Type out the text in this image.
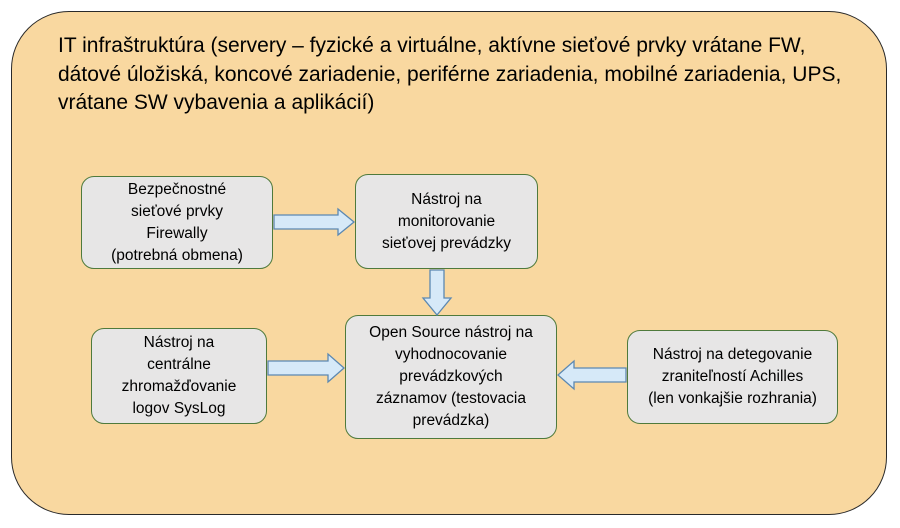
IT infraštruktúra (servery – fyzické a virtuálne, aktívne sieťové prvky vrátane FW,
dátové úložiská, koncové zariadenie, periférne zariadenia, mobilné zariadenia, UPS,
vrátane SW vybavenia a aplikácií)
Bezpečnostné
sieťové prvky
Firewally
(potrebná obmena)
Nástroj na
monitorovanie
sieťovej prevádzky
Open Source nástroj na
vyhodnocovanie
prevádzkových
záznamov (testovacia
prevádzka)
Nástroj na
centrálne
zhromažďovanie
logov SysLog
Nástroj na detegovanie
zraniteľností Achilles
(len vonkajšie rozhrania)
